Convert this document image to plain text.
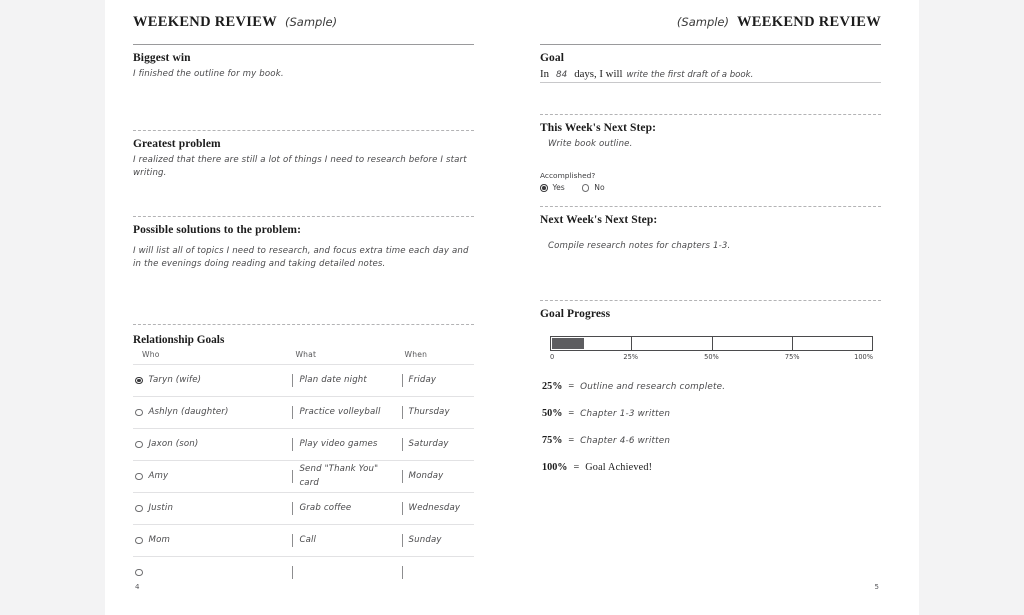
WEEKEND REVIEW (Sample)
Biggest win
I finished the outline for my book.
Greatest problem
I realized that there are still a lot of things I need to research before I start writing.
Possible solutions to the problem:
I will list all of topics I need to research, and focus extra time each day and in the evenings doing reading and taking detailed notes.
Relationship Goals
Who	What	When

Taryn (wife)	Plan date night	Friday

Ashlyn (daughter)	Practice volleyball	Thursday

Jaxon (son)	Play video games	Saturday

Amy	Send "Thank You" card	Monday

Justin	Grab coffee	Wednesday

Mom	Call	Sunday

4
(Sample) WEEKEND REVIEW
Goal
In 84 days, I will write the first draft of a book.
This Week's Next Step:
Write book outline.
Accomplished?
Yes	No
Next Week's Next Step:
Compile research notes for chapters 1-3.
Goal Progress
0	25%	50%	75%	100%
25% = Outline and research complete.
50% = Chapter 1-3 written
75% = Chapter 4-6 written
100% = Goal Achieved!
5
